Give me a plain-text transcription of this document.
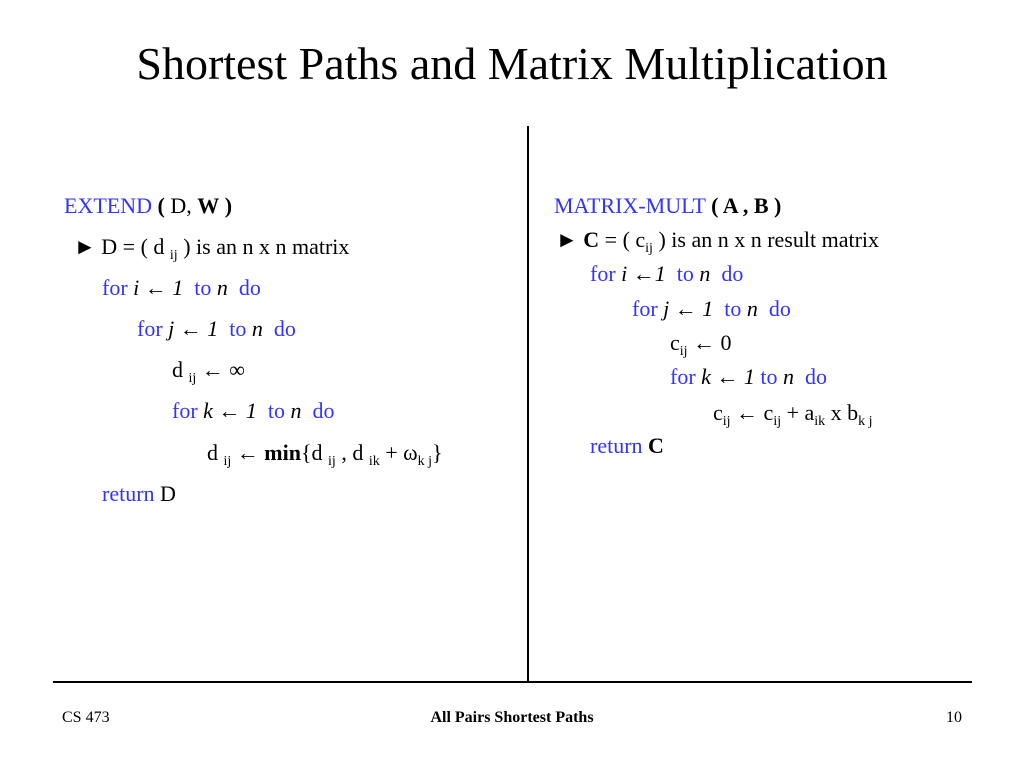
Shortest Paths and Matrix Multiplication
EXTEND ( D, W )
► D = ( d $_{ij}$ ) is an n x n matrix
for i ← 1 to n do
for j ← 1 to n do
d $_{ij}$ ← ∞
for k ← 1 to n do
d $_{ij}$ ← min{d $_{ij}$ , d $_{ik} + \omega_{k j}$}
return D
MATRIX-MULT ( A , B )
► C = ( $c_{ij}$ ) is an n x n result matrix
for i ←1 to n do
for j ← 1 to n do
$c_{ij}$ ← 0
for k ← 1 to n do
$c_{ij}$ ← $c_{ij} + a_{ik}$ x $b_{k j}$
return C
CS 473	All Pairs Shortest Paths	10
